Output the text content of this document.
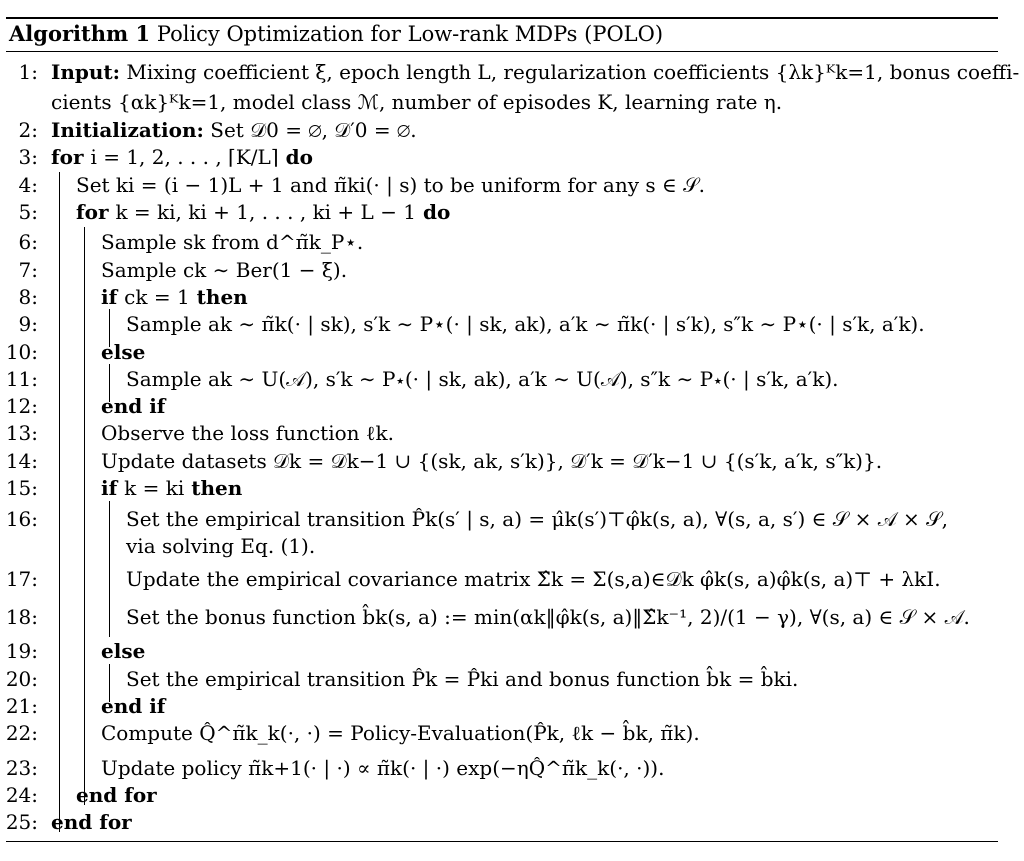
Algorithm 1 Policy Optimization for Low-rank MDPs (POLO)
1: Input: Mixing coefficient ξ, epoch length L, regularization coefficients {λk}ᴷk=1, bonus coeffi-
cients {αk}ᴷk=1, model class ℳ, number of episodes K, learning rate η.
2: Initialization: Set 𝒟0 = ∅, 𝒟′0 = ∅.
3: for i = 1, 2, . . . , ⌈K/L⌉ do
4: Set ki = (i − 1)L + 1 and π̃ki(· | s) to be uniform for any s ∈ 𝒮.
5: for k = ki, ki + 1, . . . , ki + L − 1 do
6:	Sample sk from d^π̃k_P⋆.
7:	Sample ck ∼ Ber(1 − ξ).
8:	if ck = 1 then
9:	Sample ak ∼ π̃k(· | sk), s′k ∼ P⋆(· | sk, ak), a′k ∼ π̃k(· | s′k), s″k ∼ P⋆(· | s′k, a′k).
10:	else
11:	Sample ak ∼ U(𝒜), s′k ∼ P⋆(· | sk, ak), a′k ∼ U(𝒜), s″k ∼ P⋆(· | s′k, a′k).
12:	end if
13:	Observe the loss function ℓk.
14:	Update datasets 𝒟k = 𝒟k−1 ∪ {(sk, ak, s′k)}, 𝒟′k = 𝒟′k−1 ∪ {(s′k, a′k, s″k)}.
15:	if k = ki then
16:	Set the empirical transition P̂k(s′ | s, a) = μ̂k(s′)⊤φ̂k(s, a), ∀(s, a, s′) ∈ 𝒮 × 𝒜 × 𝒮,
via solving Eq. (1).
17:	Update the empirical covariance matrix Σ̂k = Σ(s,a)∈𝒟k φ̂k(s, a)φ̂k(s, a)⊤ + λkI.
18:	Set the bonus function b̂k(s, a) := min(αk‖φ̂k(s, a)‖Σ̂k⁻¹, 2)/(1 − γ), ∀(s, a) ∈ 𝒮 × 𝒜.
19:	else
20:	Set the empirical transition P̂k = P̂ki and bonus function b̂k = b̂ki.
21:	end if
22:	Compute Q̂^π̃k_k(·, ·) = Policy-Evaluation(P̂k, ℓk − b̂k, π̃k).
23:	Update policy π̃k+1(· | ·) ∝ π̃k(· | ·) exp(−ηQ̂^π̃k_k(·, ·)).
24: end for
25: end for
